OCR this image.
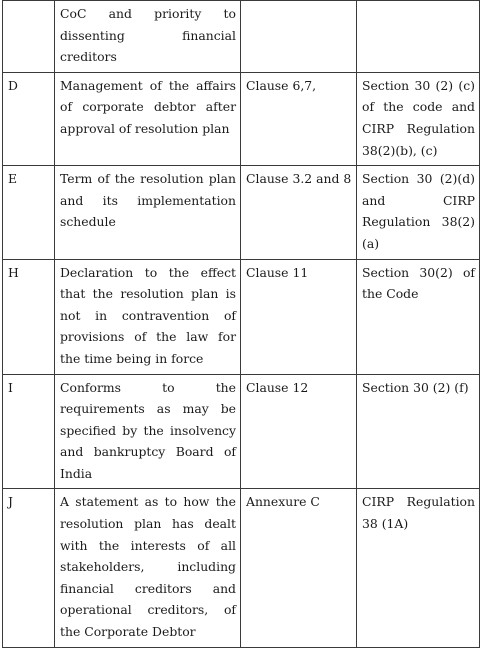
	CoC and priority to dissenting financial creditors		
D	Management of the affairs of corporate debtor after approval of resolution plan	Clause 6,7,	Section 30 (2) (c) of the code and CIRP Regulation 38(2)(b), (c)
E	Term of the resolution plan and its implementation schedule	Clause 3.2 and 8	Section 30 (2)(d) and CIRP Regulation 38(2)(a)
H	Declaration to the effect that the resolution plan is not in contravention of provisions of the law for the time being in force	Clause 11	Section 30(2) of the Code
I	Conforms to the requirements as may be specified by the insolvency and bankruptcy Board of India	Clause 12	Section 30 (2) (f)
J	A statement as to how the resolution plan has dealt with the interests of all stakeholders, including financial creditors and operational creditors, of the Corporate Debtor	Annexure C	CIRP Regulation 38 (1A)
